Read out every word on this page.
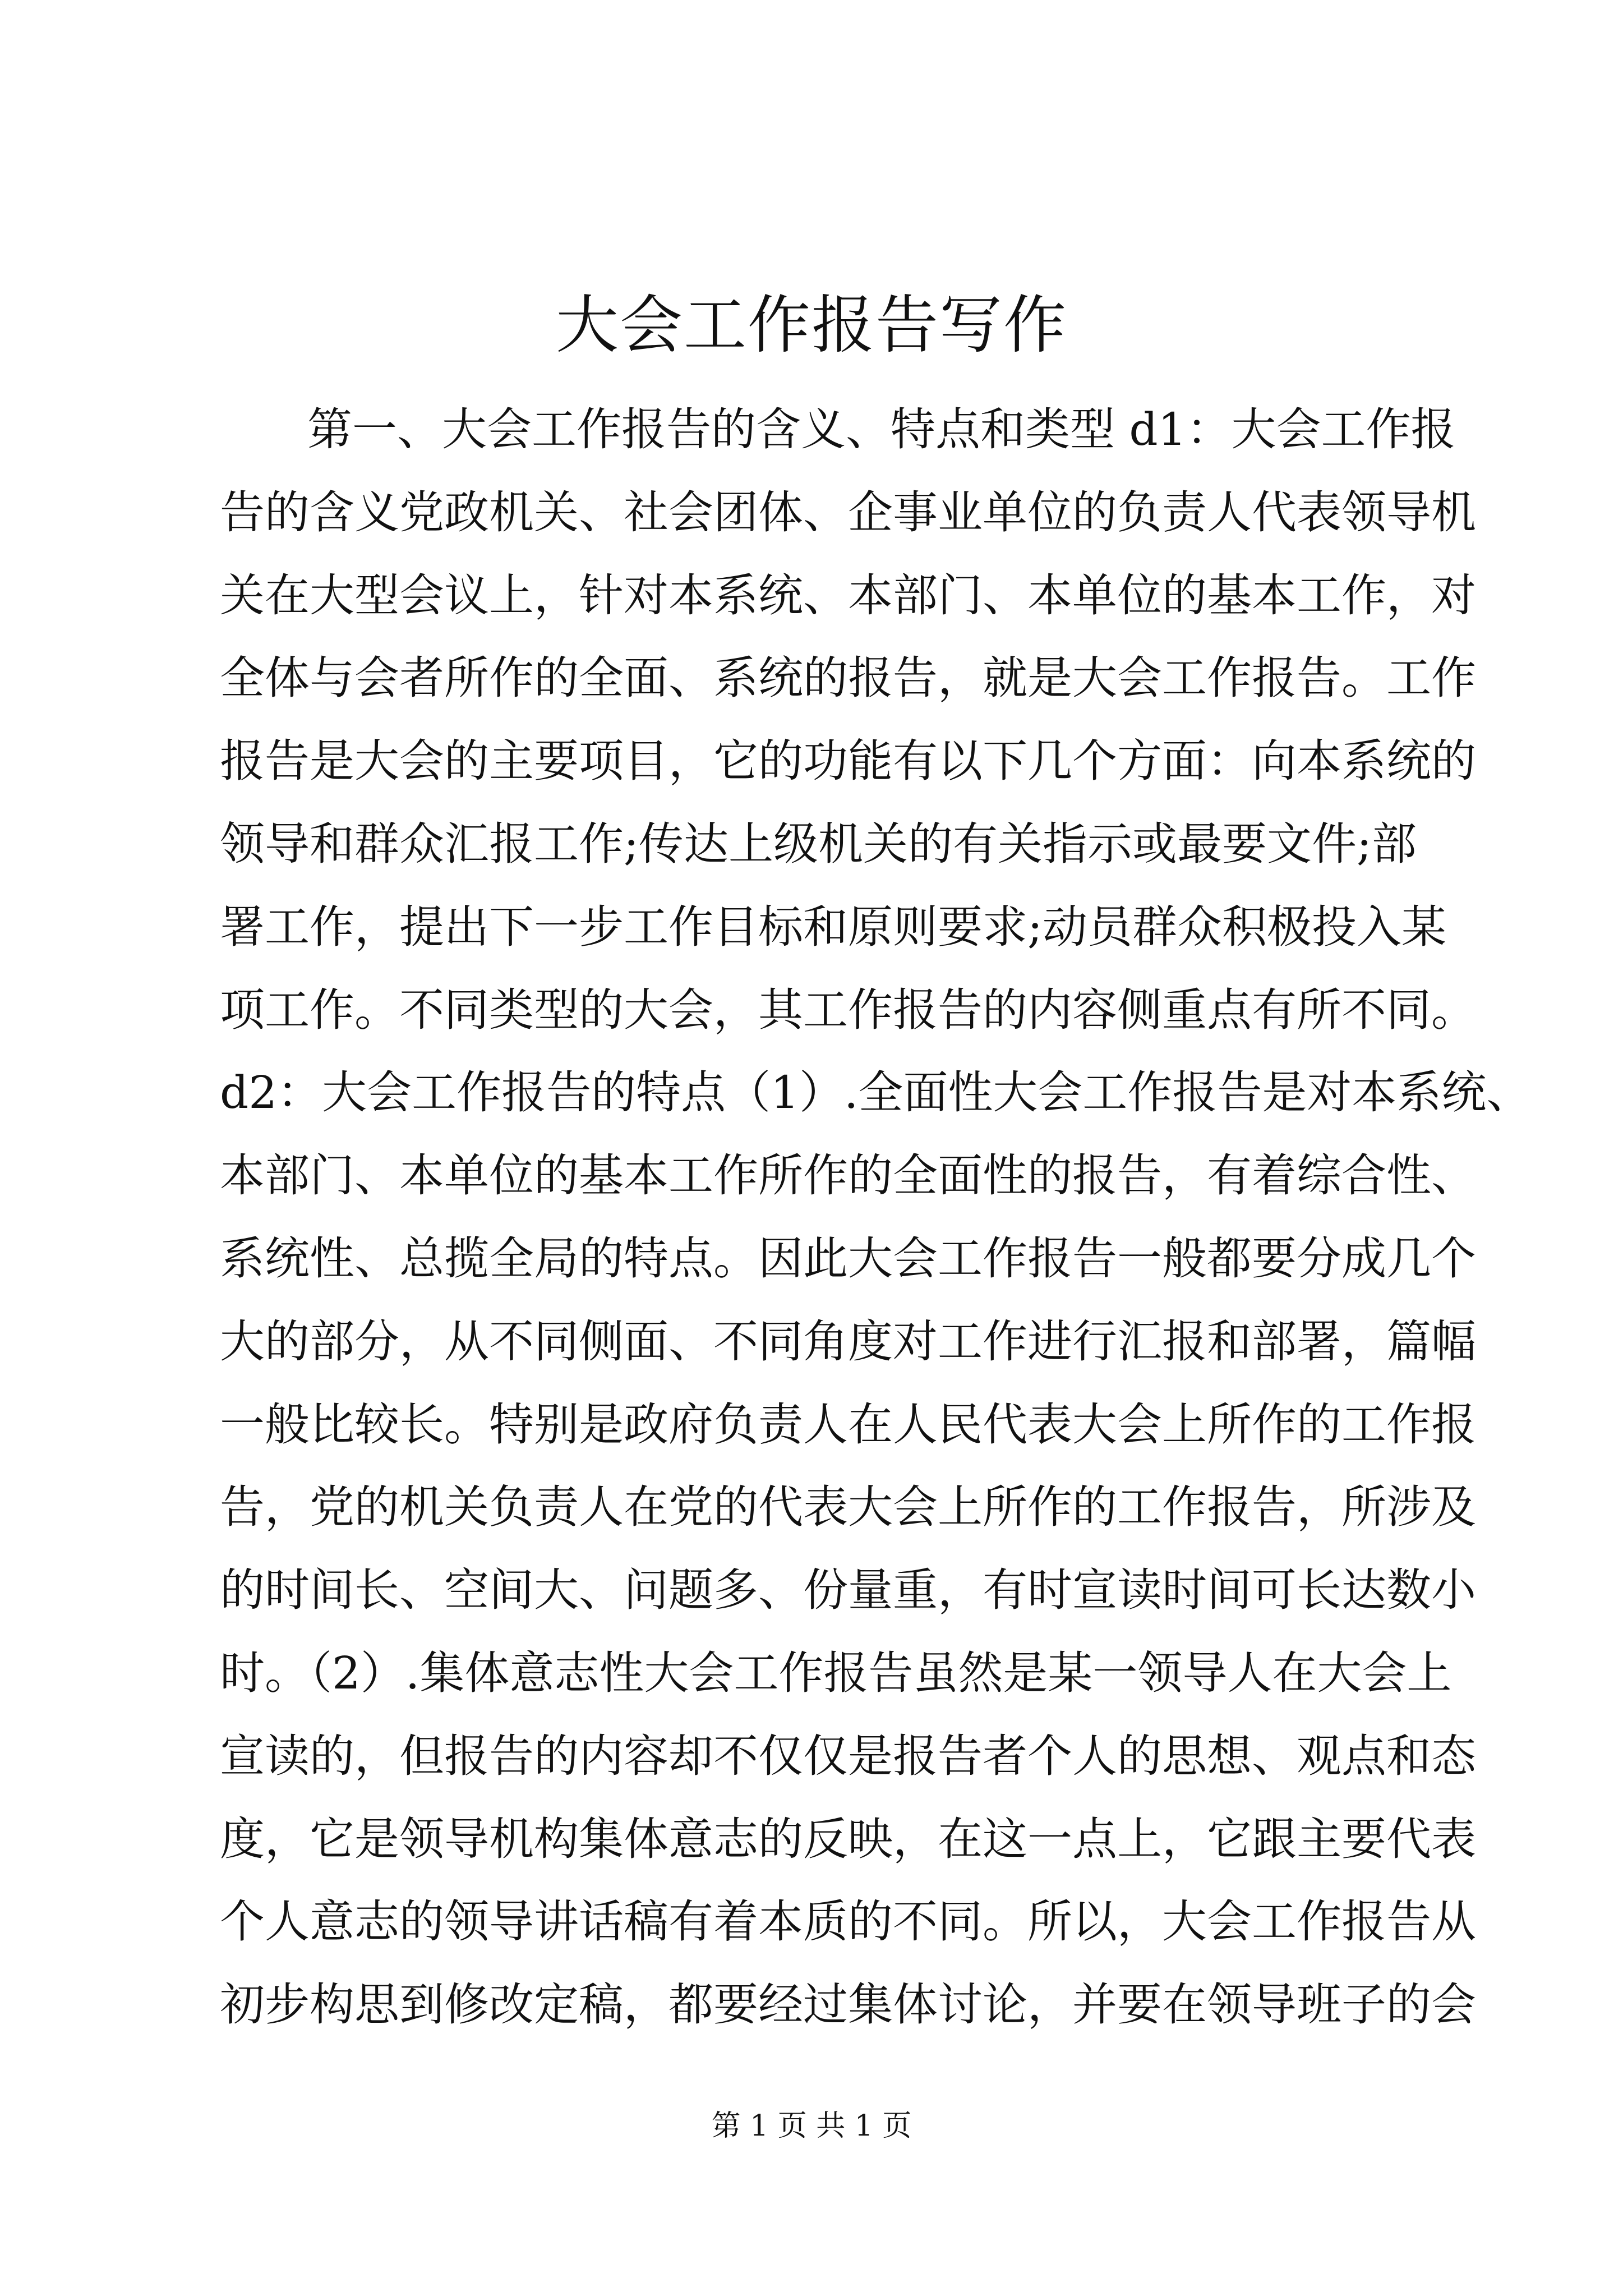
大会工作报告写作
第一、大会工作报告的含义、特点和类型 d1：大会工作报
告的含义党政机关、社会团体、企事业单位的负责人代表领导机
关在大型会议上，针对本系统、本部门、本单位的基本工作，对
全体与会者所作的全面、系统的报告，就是大会工作报告。工作
报告是大会的主要项目，它的功能有以下几个方面：向本系统的
领导和群众汇报工作;传达上级机关的有关指示或最要文件;部
署工作，提出下一步工作目标和原则要求;动员群众积极投入某
项工作。不同类型的大会，其工作报告的内容侧重点有所不同。
d2：大会工作报告的特点（1）.全面性大会工作报告是对本系统、
本部门、本单位的基本工作所作的全面性的报告，有着综合性、
系统性、总揽全局的特点。因此大会工作报告一般都要分成几个
大的部分，从不同侧面、不同角度对工作进行汇报和部署，篇幅
一般比较长。特别是政府负责人在人民代表大会上所作的工作报
告，党的机关负责人在党的代表大会上所作的工作报告，所涉及
的时间长、空间大、问题多、份量重，有时宣读时间可长达数小
时。（2）.集体意志性大会工作报告虽然是某一领导人在大会上
宣读的，但报告的内容却不仅仅是报告者个人的思想、观点和态
度，它是领导机构集体意志的反映，在这一点上，它跟主要代表
个人意志的领导讲话稿有着本质的不同。所以，大会工作报告从
初步构思到修改定稿，都要经过集体讨论，并要在领导班子的会
第 1 页 共 1 页
